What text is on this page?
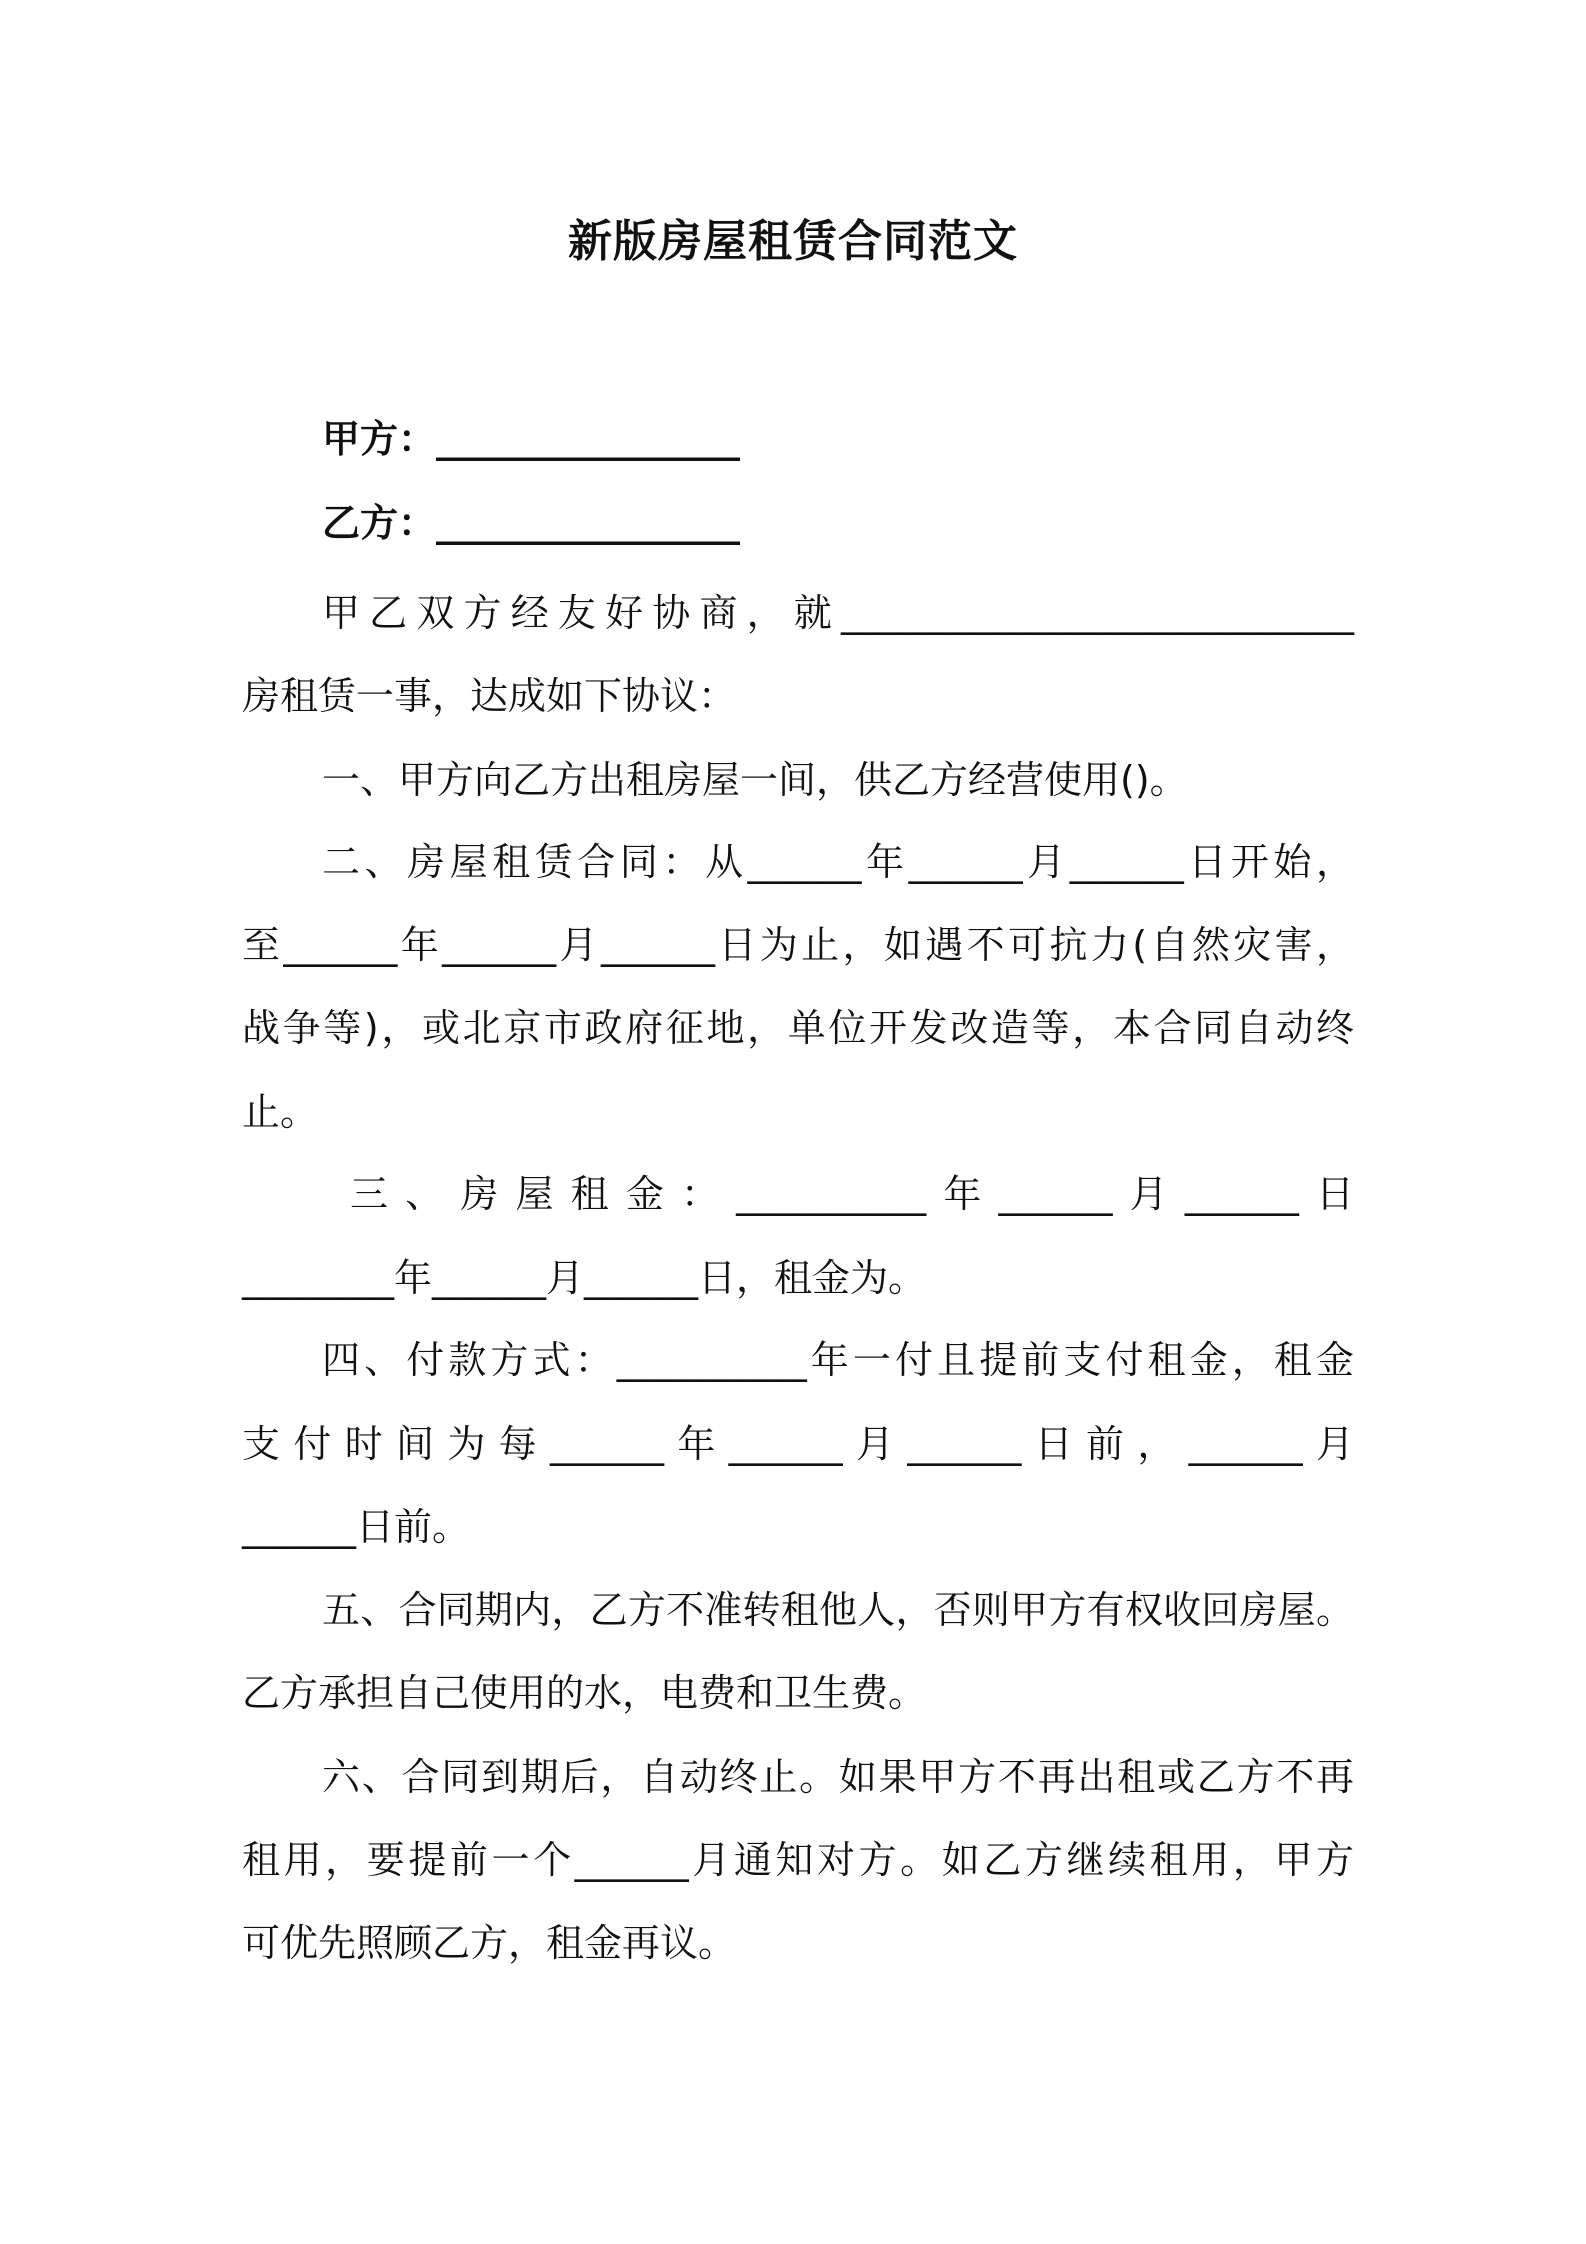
新版房屋租赁合同范文
甲方：________________
乙方：________________
甲乙双方经友好协商，就___________________________
房租赁一事，达成如下协议：
一、甲方向乙方出租房屋一间，供乙方经营使用()。
二、房屋租赁合同：从______年______月______日开始，
至______年______月______日为止，如遇不可抗力(自然灾害，
战争等)，或北京市政府征地，单位开发改造等，本合同自动终
止。
三、房屋租金：__________年______月______日
________年______月______日，租金为。
四、付款方式：__________年一付且提前支付租金，租金
支付时间为每______年______月______日前，______月
______日前。
五、合同期内，乙方不准转租他人，否则甲方有权收回房屋。
乙方承担自己使用的水，电费和卫生费。
六、合同到期后，自动终止。如果甲方不再出租或乙方不再
租用，要提前一个______月通知对方。如乙方继续租用，甲方
可优先照顾乙方，租金再议。
